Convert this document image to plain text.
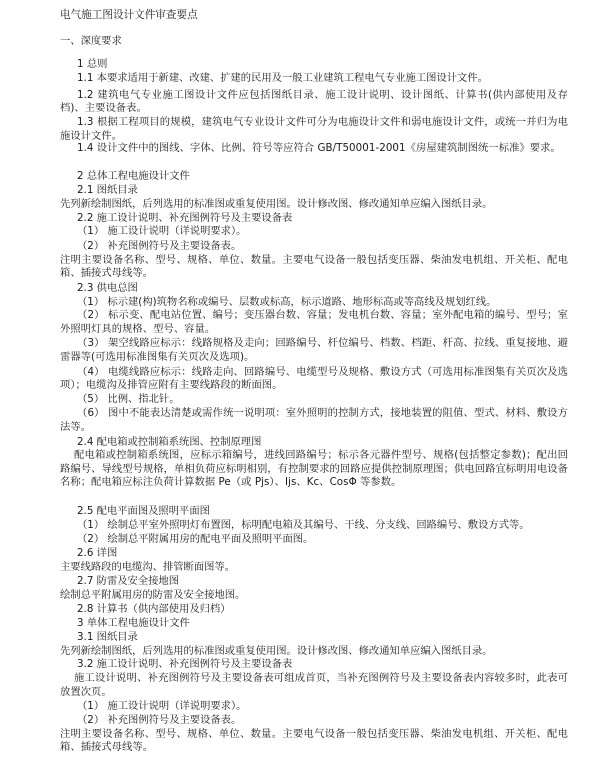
电气施工图设计文件审查要点
一、深度要求
1 总则
1.1 本要求适用于新建、改建、扩建的民用及一般工业建筑工程电气专业施工图设计文件。
1.2 建筑电气专业施工图设计文件应包括图纸目录、施工设计说明、设计图纸、计算书(供内部使用及存档)、主要设备表。
1.3 根据工程项目的规模，建筑电气专业设计文件可分为电施设计文件和弱电施设计文件，或统一并归为电施设计文件。
1.4 设计文件中的图线、字体、比例、符号等应符合 GB/T50001-2001《房屋建筑制图统一标准》要求。
2 总体工程电施设计文件
2.1 图纸目录
先列新绘制图纸，后列选用的标准图或重复使用图。设计修改图、修改通知单应编入图纸目录。
2.2 施工设计说明、补充图例符号及主要设备表
（1） 施工设计说明（详说明要求）。
（2） 补充图例符号及主要设备表。
注明主要设备名称、型号、规格、单位、数量。主要电气设备一般包括变压器、柴油发电机组、开关柜、配电箱、插接式母线等。
2.3 供电总图
（1） 标示建(构)筑物名称或编号、层数或标高，标示道路、地形标高或等高线及规划红线。
（2） 标示变、配电站位置、编号；变压器台数、容量；发电机台数、容量；室外配电箱的编号、型号；室外照明灯具的规格、型号、容量。
（3） 架空线路应标示：线路规格及走向；回路编号、杆位编号、档数、档距、杆高、拉线、重复接地、避雷器等(可选用标准图集有关页次及选项)。
（4） 电缆线路应标示：线路走向、回路编号、电缆型号及规格、敷设方式（可选用标准图集有关页次及选项）；电缆沟及排管应附有主要线路段的断面图。
（5） 比例、指北针。
（6） 图中不能表达清楚或需作统一说明项：室外照明的控制方式，接地装置的阻值、型式、材料、敷设方法等。
2.4 配电箱或控制箱系统图、控制原理图
配电箱或控制箱系统图，应标示箱编号，进线回路编号；标示各元器件型号、规格(包括整定参数)；配出回路编号、导线型号规格，单相负荷应标明相别，有控制要求的回路应提供控制原理图；供电回路宜标明用电设备名称；配电箱应标注负荷计算数据 Pe（或 Pjs）、Ijs、Kc、CosΦ 等参数。
2.5 配电平面图及照明平面图
（1） 绘制总平室外照明灯布置图，标明配电箱及其编号、干线、分支线、回路编号、敷设方式等。
（2） 绘制总平附属用房的配电平面及照明平面图。
2.6 详图
主要线路段的电缆沟、排管断面图等。
2.7 防雷及安全接地图
绘制总平附属用房的防雷及安全接地图。
2.8 计算书（供内部使用及归档）
3 单体工程电施设计文件
3.1 图纸目录
先列新绘制图纸，后列选用的标准图或重复使用图。设计修改图、修改通知单应编入图纸目录。
3.2 施工设计说明、补充图例符号及主要设备表
施工设计说明、补充图例符号及主要设备表可组成首页，当补充图例符号及主要设备表内容较多时，此表可放置次页。
（1） 施工设计说明（详说明要求）。
（2） 补充图例符号及主要设备表。
注明主要设备名称、型号、规格、单位、数量。主要电气设备一般包括变压器、柴油发电机组、开关柜、配电箱、插接式母线等。
